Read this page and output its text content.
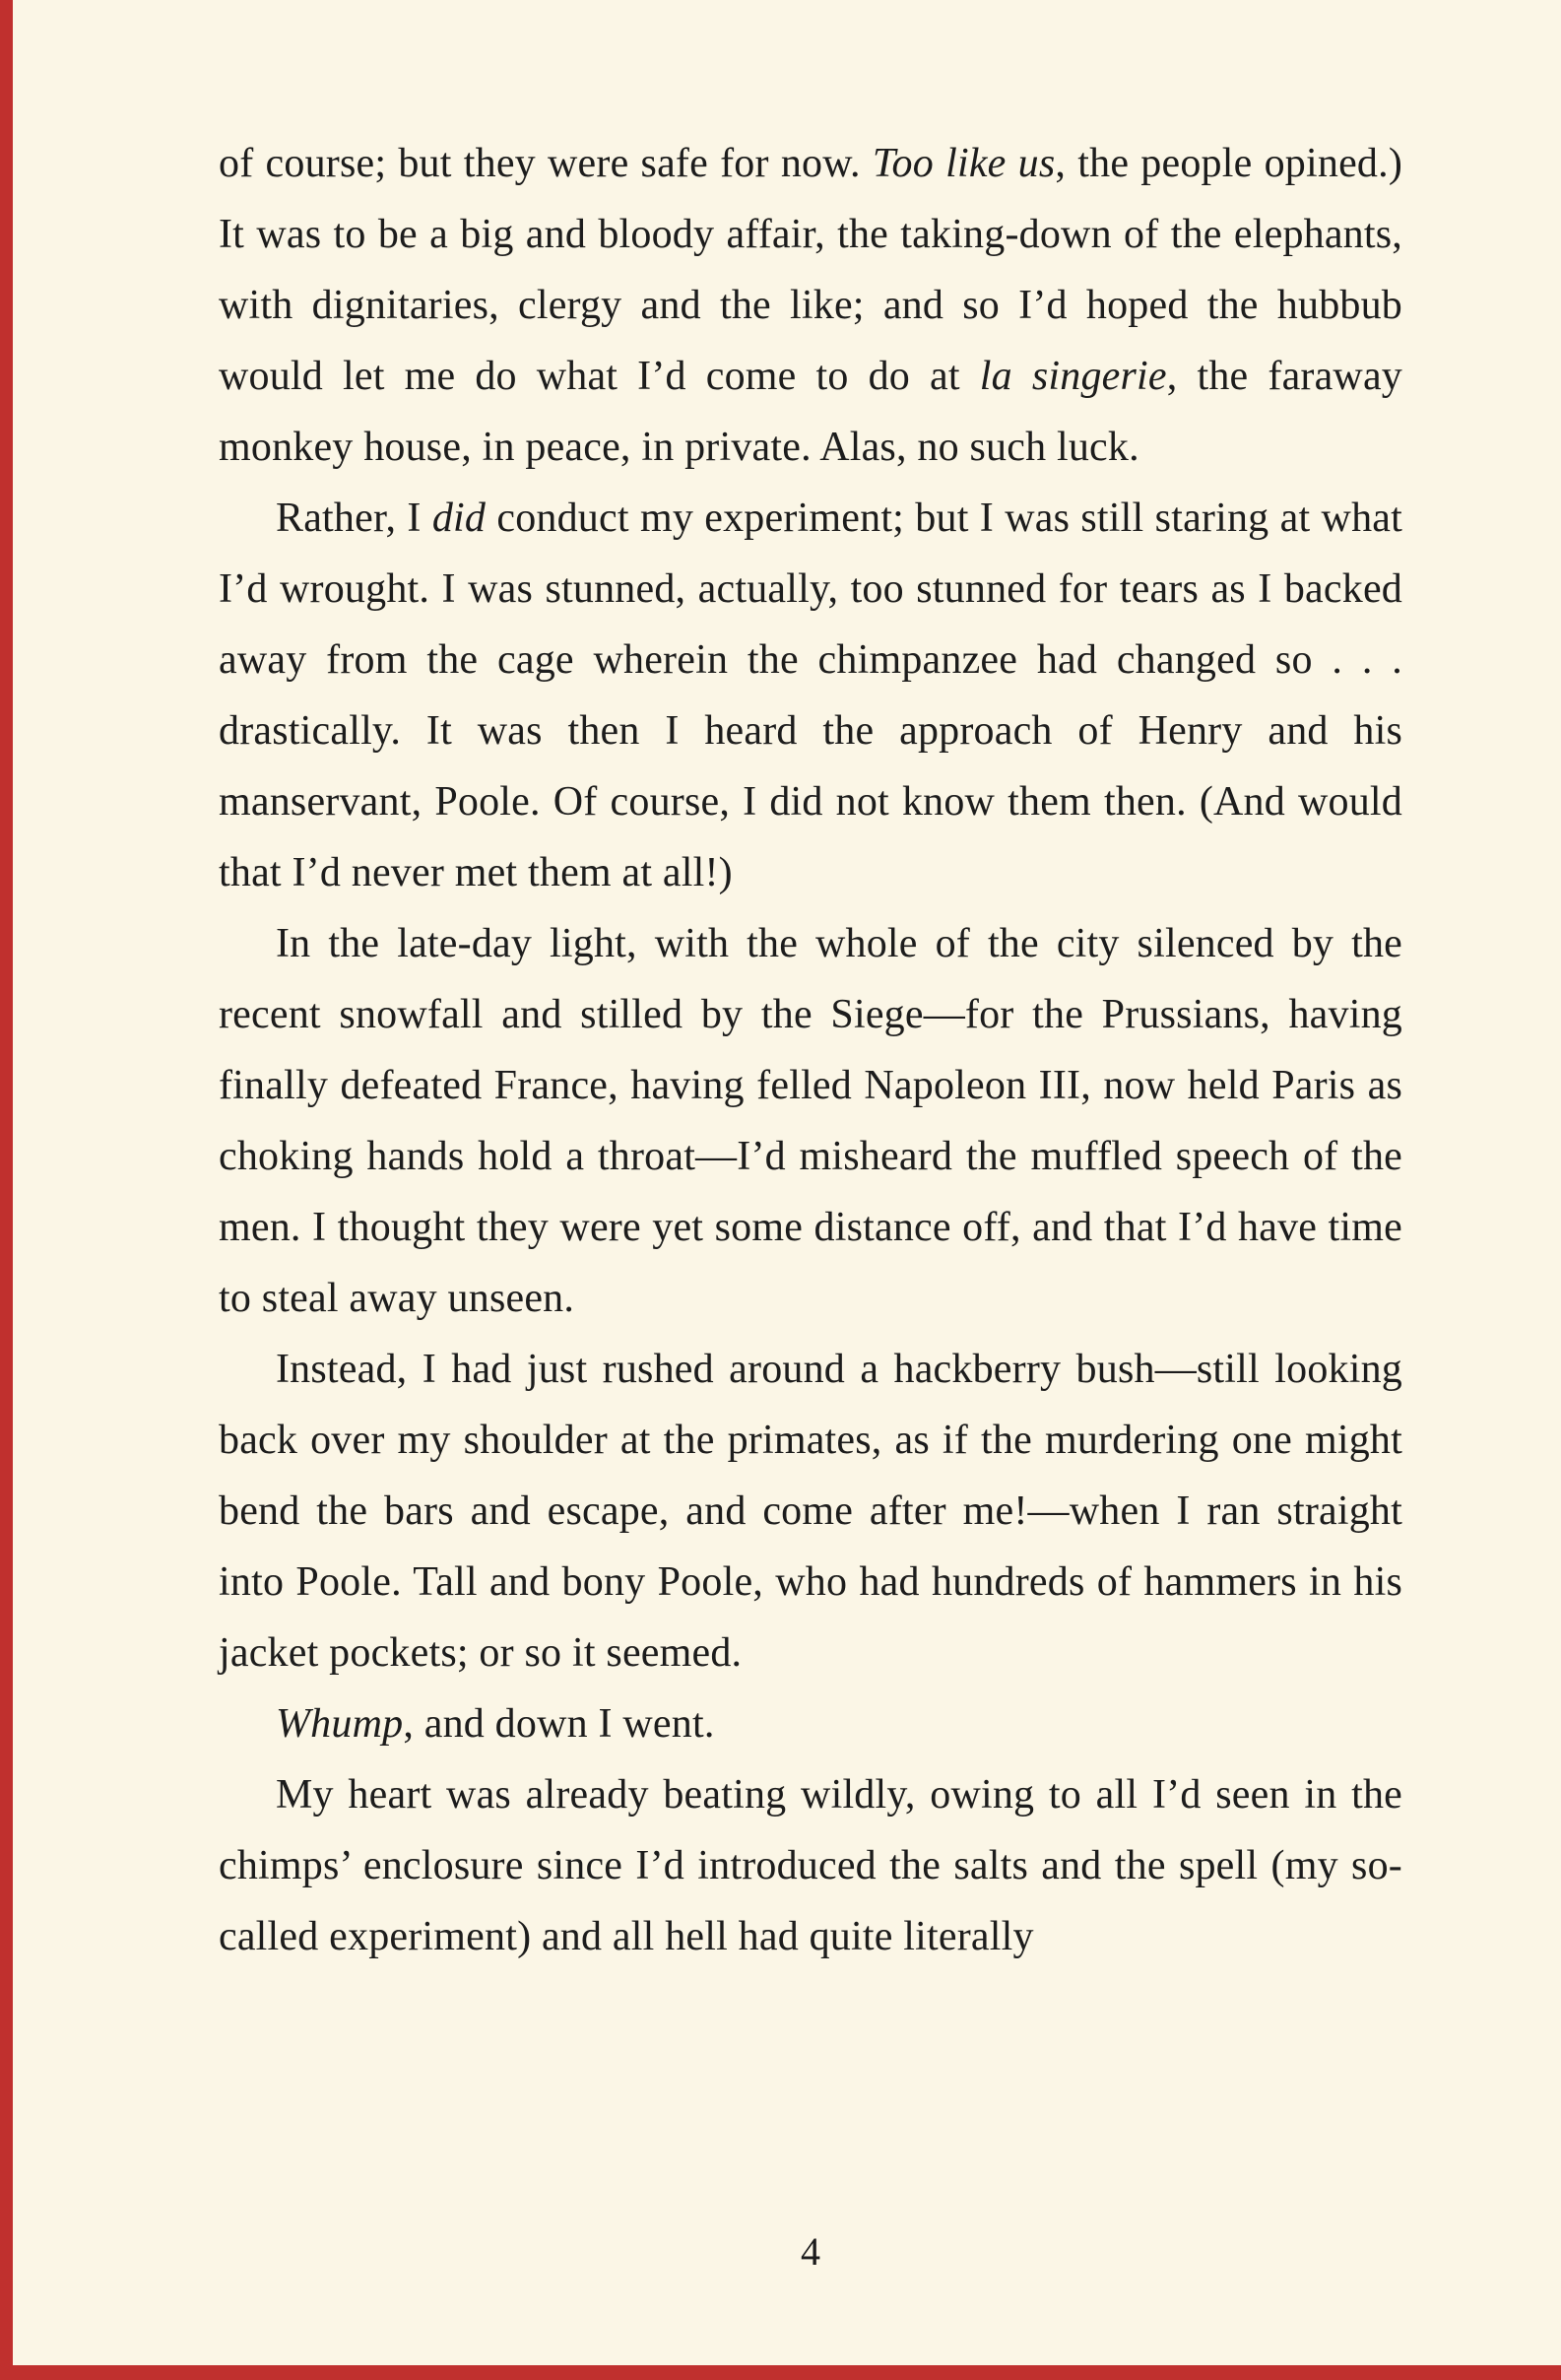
of course; but they were safe for now. Too like us, the people opined.) It was to be a big and bloody affair, the taking-down of the elephants, with dignitaries, clergy and the like; and so I’d hoped the hubbub would let me do what I’d come to do at la singerie, the faraway monkey house, in peace, in private. Alas, no such luck.

Rather, I did conduct my experiment; but I was still staring at what I’d wrought. I was stunned, actually, too stunned for tears as I backed away from the cage wherein the chimpanzee had changed so . . . drastically. It was then I heard the approach of Henry and his manservant, Poole. Of course, I did not know them then. (And would that I’d never met them at all!)

In the late-day light, with the whole of the city silenced by the recent snowfall and stilled by the Siege—for the Prussians, having finally defeated France, having felled Napoleon III, now held Paris as choking hands hold a throat—I’d misheard the muffled speech of the men. I thought they were yet some distance off, and that I’d have time to steal away unseen.

Instead, I had just rushed around a hackberry bush—still looking back over my shoulder at the primates, as if the murdering one might bend the bars and escape, and come after me!—when I ran straight into Poole. Tall and bony Poole, who had hundreds of hammers in his jacket pockets; or so it seemed.

Whump, and down I went.

My heart was already beating wildly, owing to all I’d seen in the chimps’ enclosure since I’d introduced the salts and the spell (my so-called experiment) and all hell had quite literally

4
